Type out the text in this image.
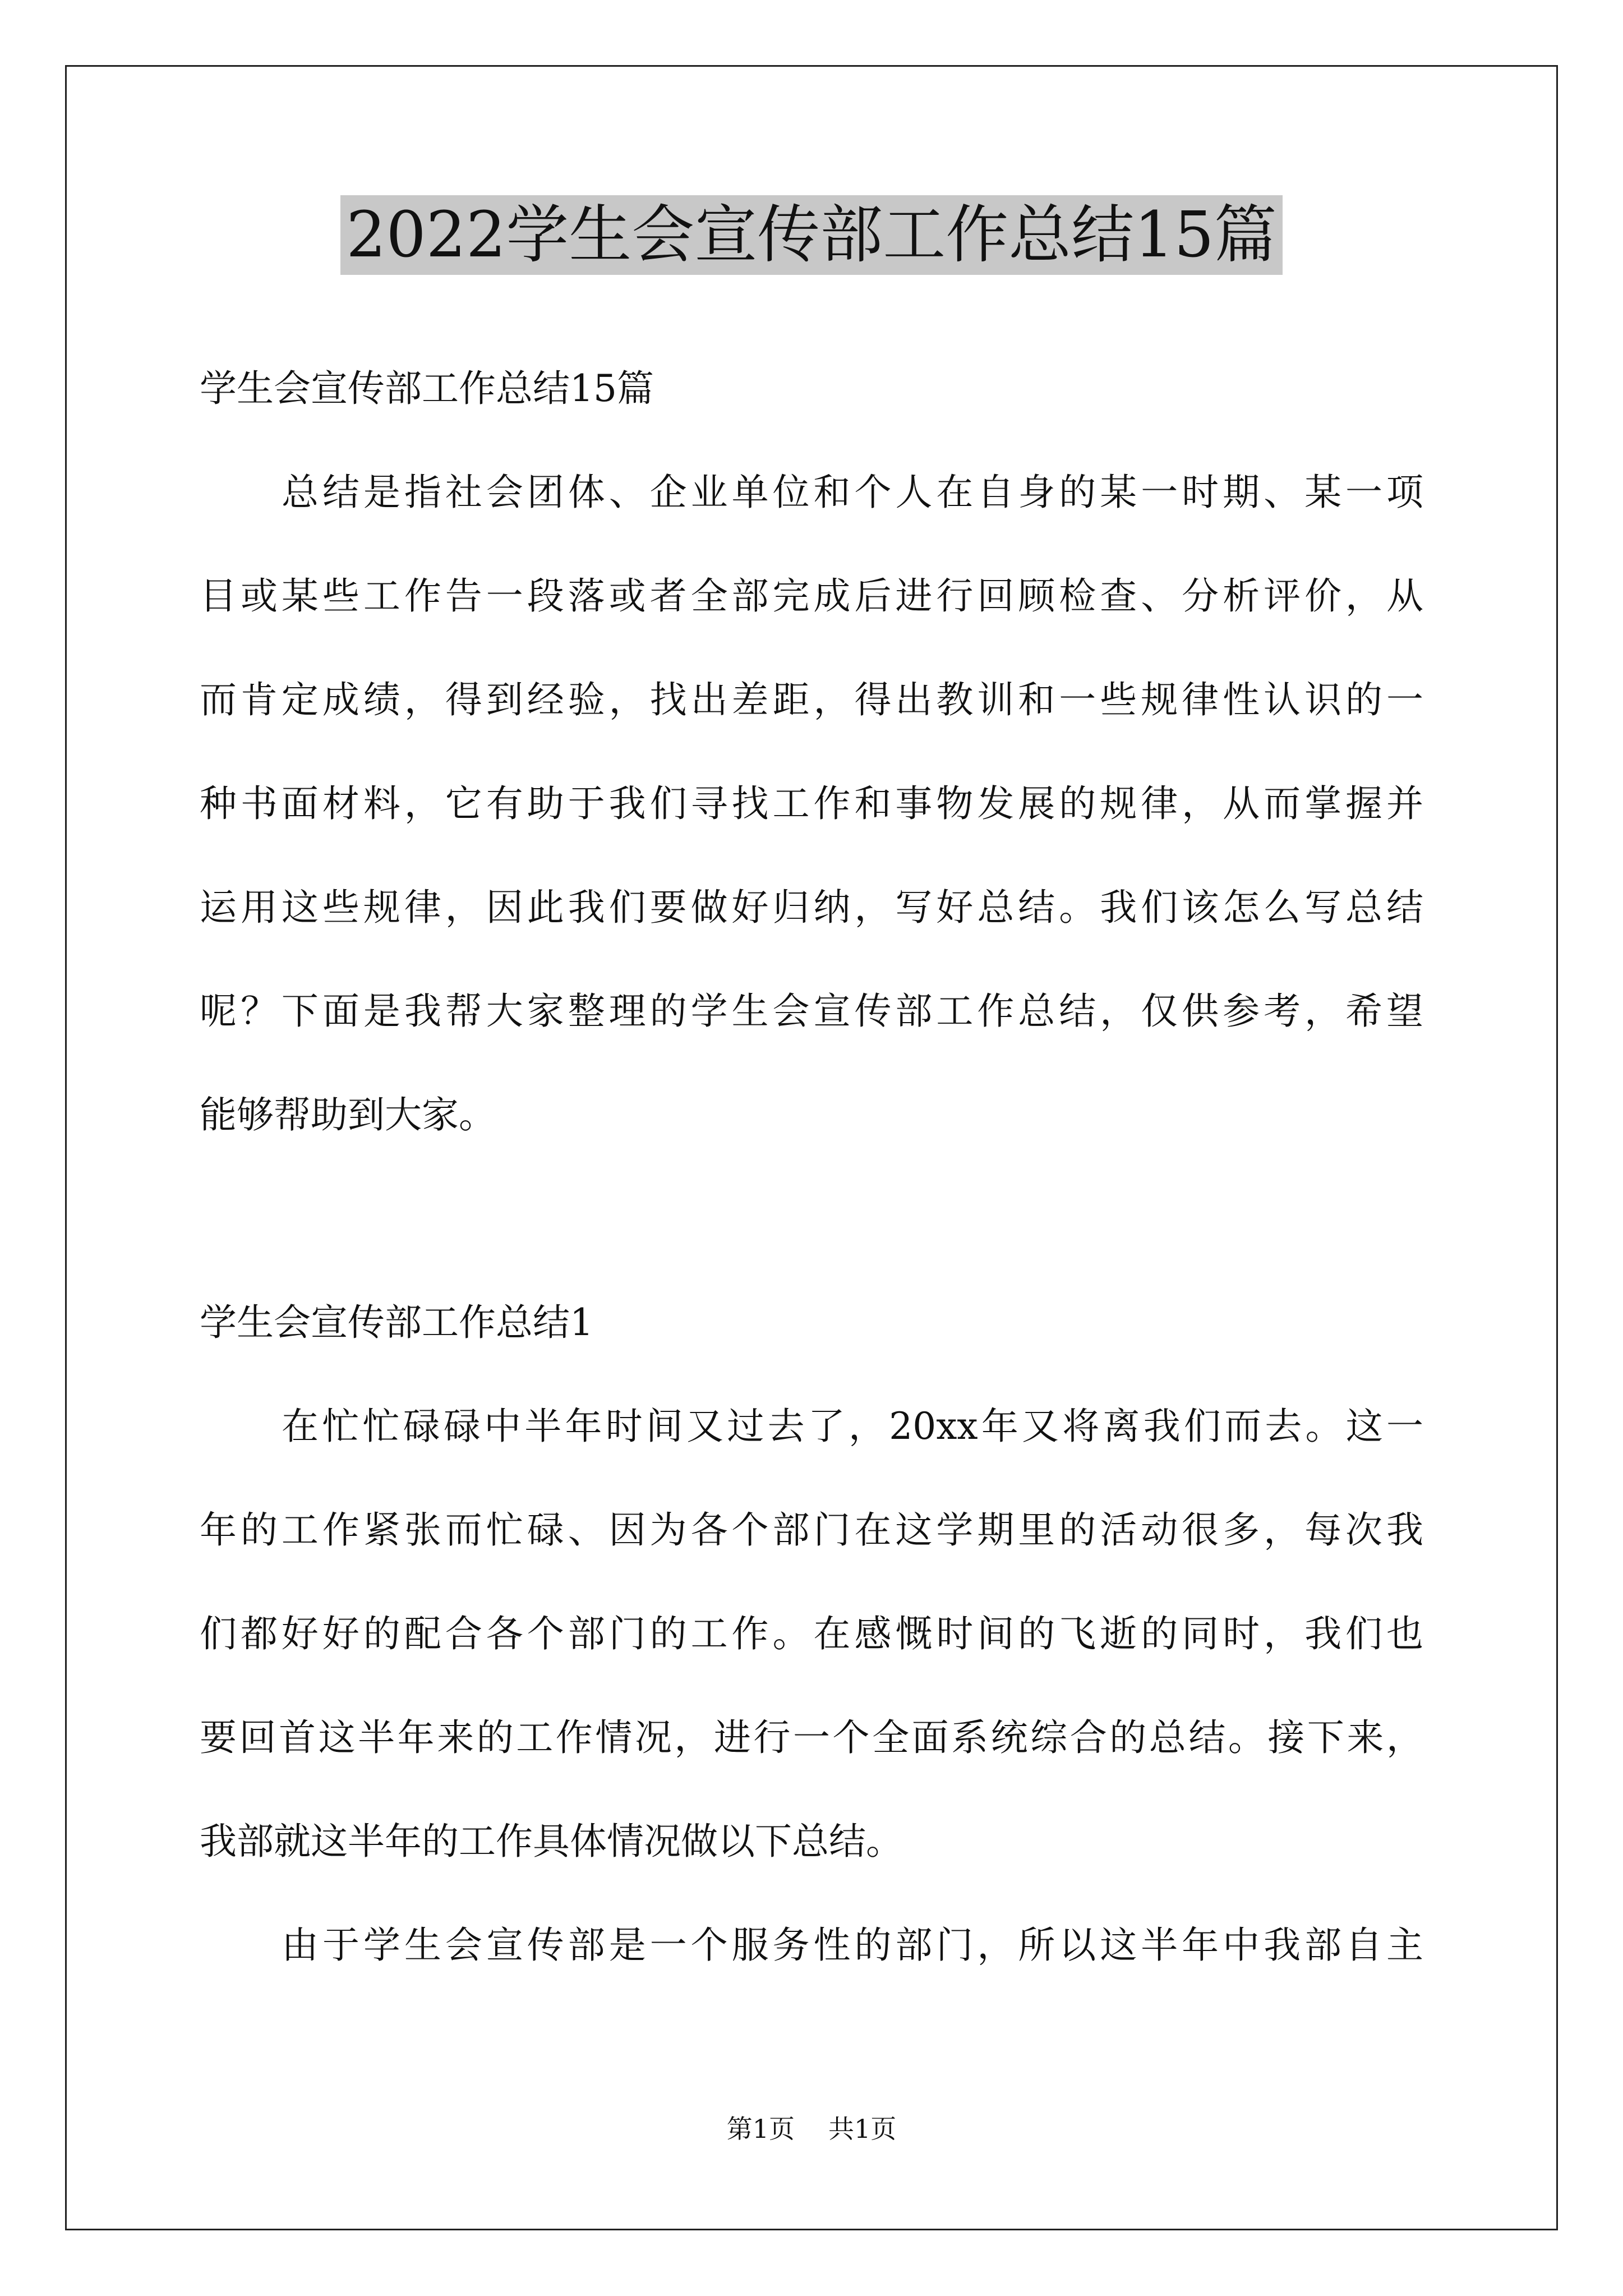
2022学生会宣传部工作总结15篇
学生会宣传部工作总结15篇
总结是指社会团体、企业单位和个人在自身的某一时期、某一项
目或某些工作告一段落或者全部完成后进行回顾检查、分析评价，从
而肯定成绩，得到经验，找出差距，得出教训和一些规律性认识的一
种书面材料，它有助于我们寻找工作和事物发展的规律，从而掌握并
运用这些规律，因此我们要做好归纳，写好总结。我们该怎么写总结
呢？下面是我帮大家整理的学生会宣传部工作总结，仅供参考，希望
能够帮助到大家。
学生会宣传部工作总结1
在忙忙碌碌中半年时间又过去了，20xx年又将离我们而去。这一
年的工作紧张而忙碌、因为各个部门在这学期里的活动很多，每次我
们都好好的配合各个部门的工作。在感慨时间的飞逝的同时，我们也
要回首这半年来的工作情况，进行一个全面系统综合的总结。接下来，
我部就这半年的工作具体情况做以下总结。
由于学生会宣传部是一个服务性的部门，所以这半年中我部自主
第1页 共1页
